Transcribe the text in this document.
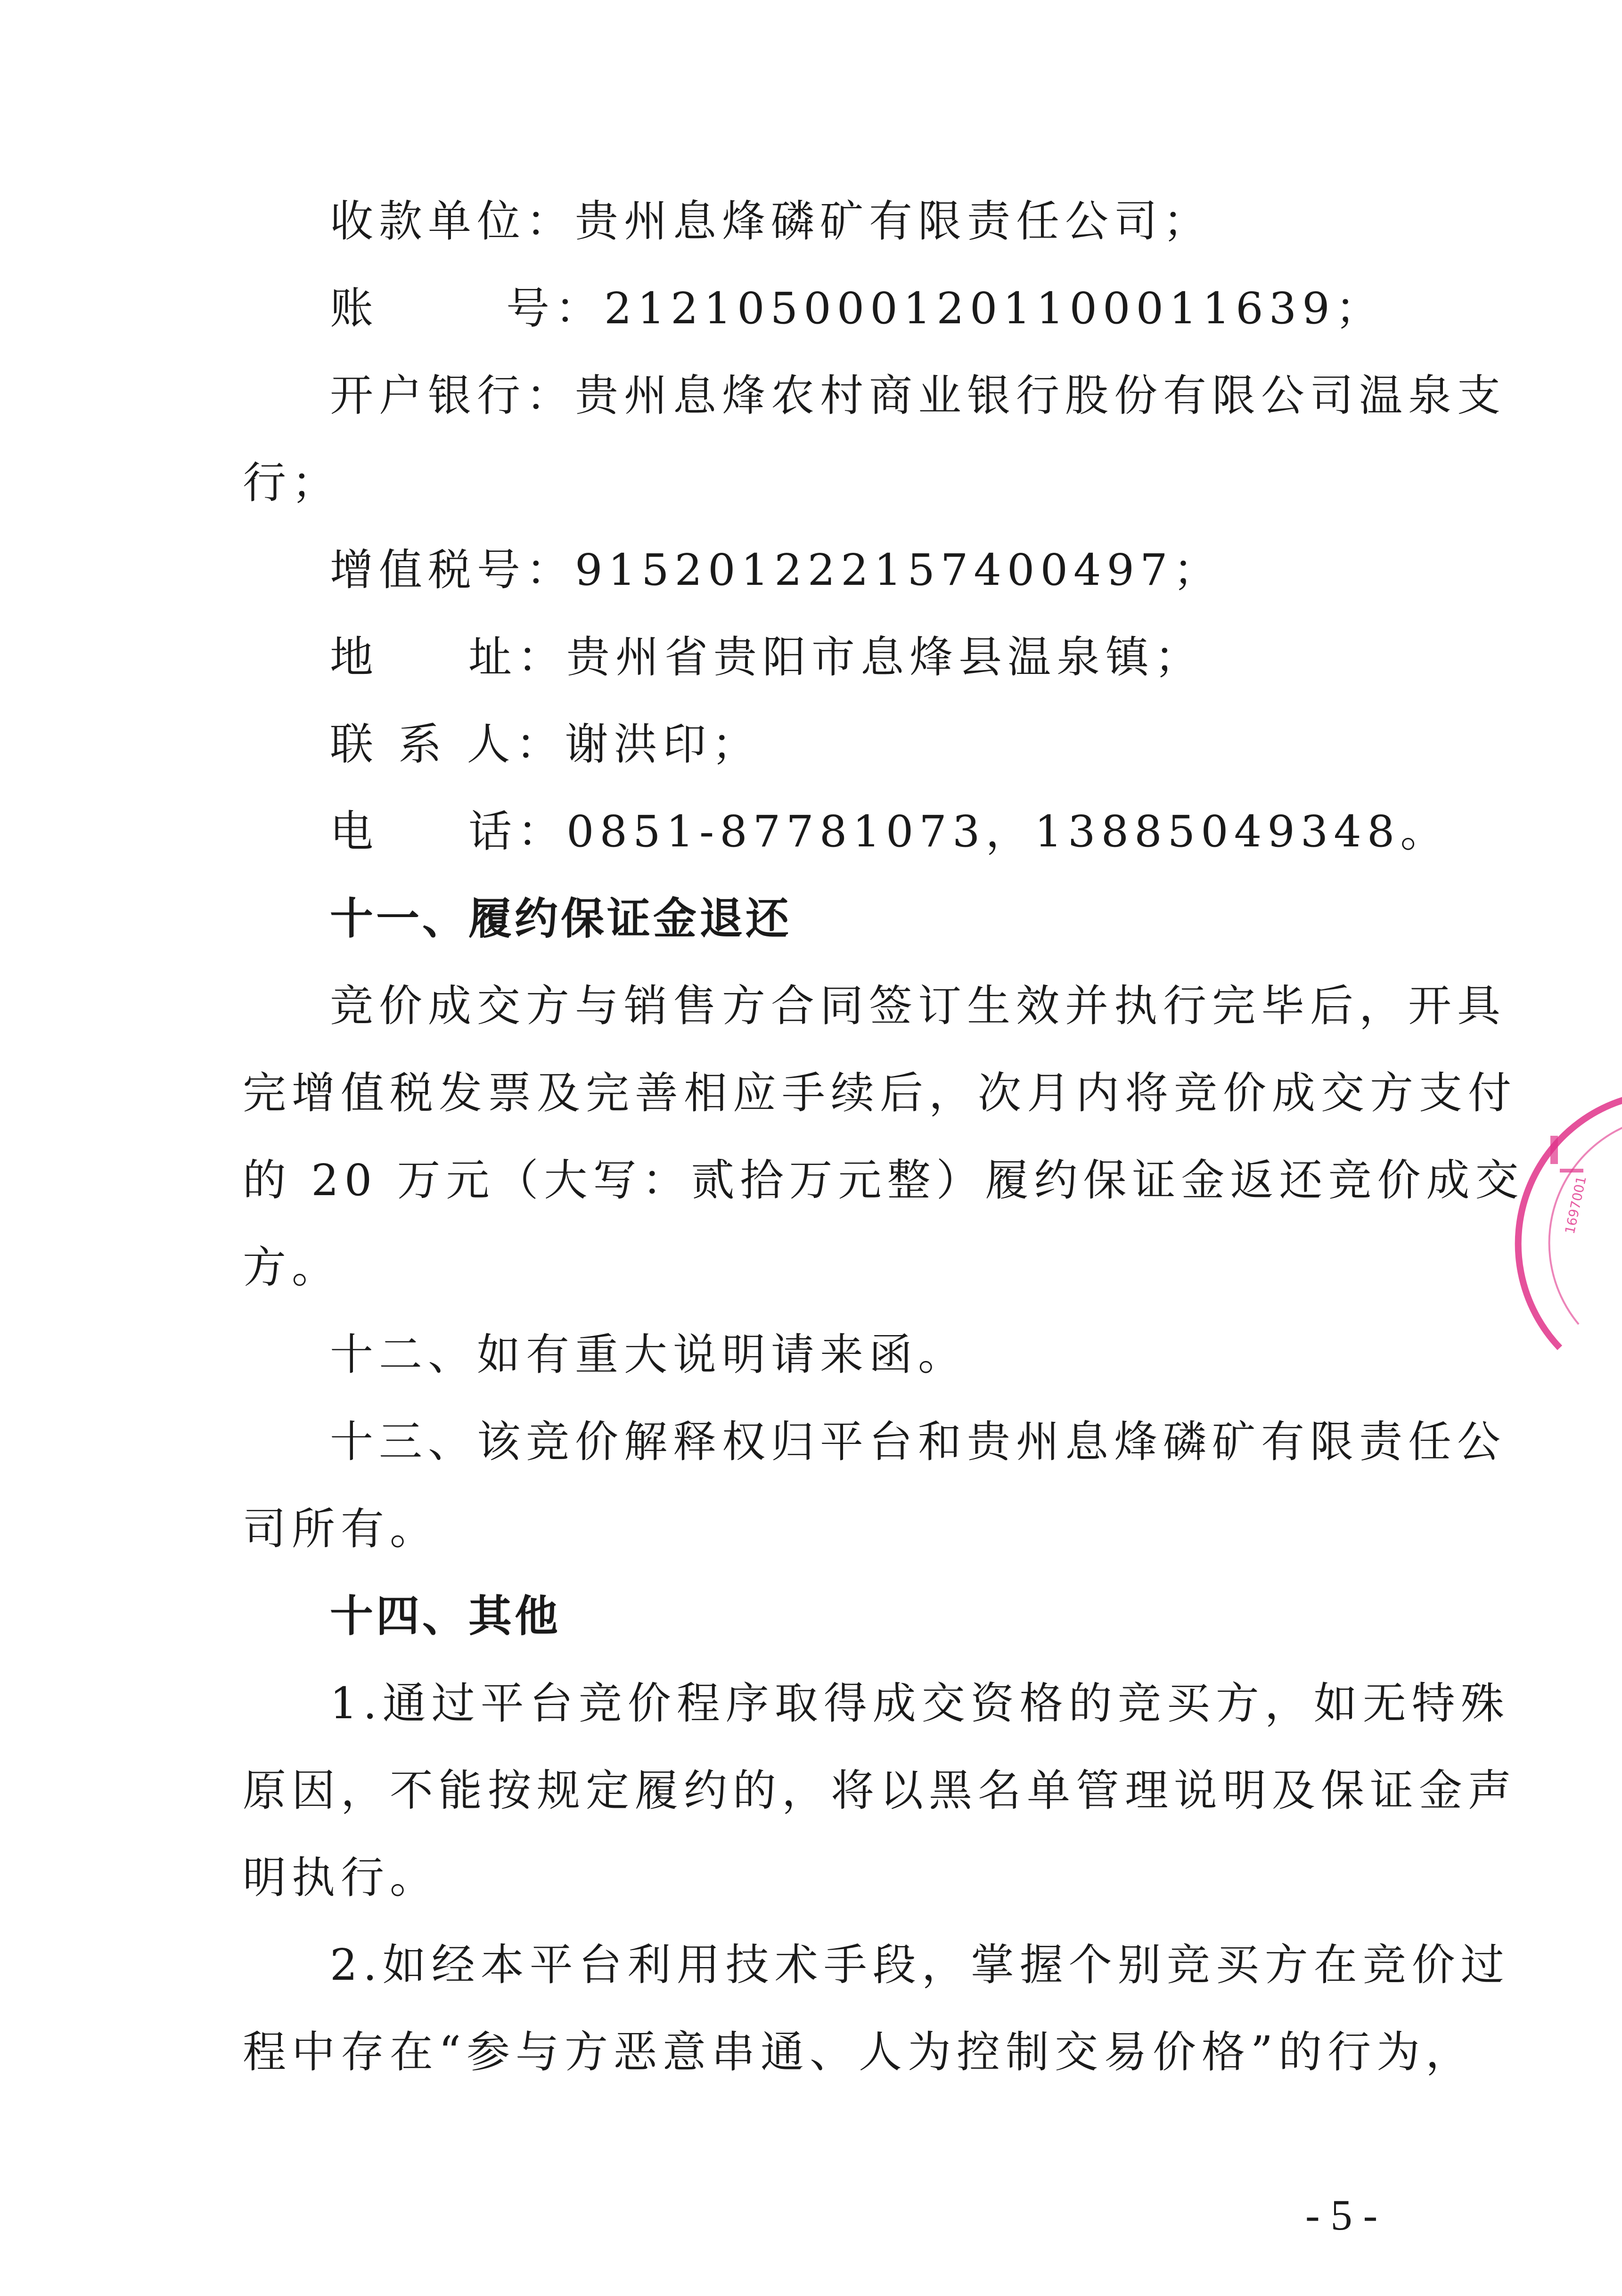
收款单位：贵州息烽磷矿有限责任公司；
账	号：212105000120110​0011639；
开户银行：贵州息烽农村商业银行股份有限公司温泉支
行；
增值税号：915201222157400497；
地 址：贵州省贵阳市息烽县温泉镇；
联 系 人：谢洪印；
电 话：0851-87781073，13885049348。
十一、履约保证金退还
竞价成交方与销售方合同签订生效并执行完毕后，开具
完增值税发票及完善相应手续后，次月内将竞价成交方支付
的 20 万元（大写：贰拾万元整）履约保证金返还竞价成交
方。
十二、如有重大说明请来函。
十三、该竞价解释权归平台和贵州息烽磷矿有限责任公
司所有。
十四、其他
1.通过平台竞价程序取得成交资格的竞买方，如无特殊
原因，不能按规定履约的，将以黑名单管理说明及保证金声
明执行。
2.如经本平台利用技术手段，掌握个别竞买方在竞价过
程中存在“参与方恶意串通、人为控制交易价格”的行为，
- 5 -
1697001
